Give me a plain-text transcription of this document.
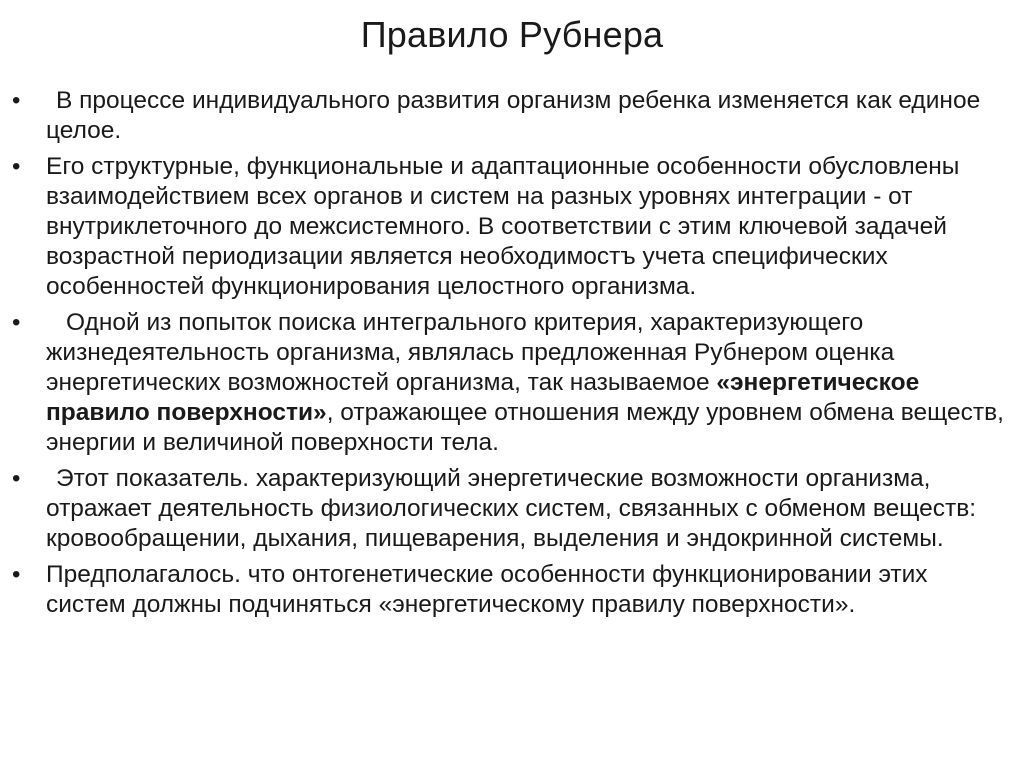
Правило Рубнера
•	В процессе индивидуального развития организм ребенка изменяется как единое целое.
• Его структурные, функциональные и адаптационные особенности обусловлены взаимодействием всех органов и систем на разных уровнях интеграции - от внутриклеточного до межсистемного. В соответствии с этим ключевой задачей возрастной периодизации является необходимостъ учета специфических особенностей функционирования целостного организма.
•	Одной из попыток поиска интегрального критерия, характеризующего жизнедеятельность организма, являлась предложенная Рубнером оценка энергетических возможностей организма, так называемое «энергетическое правило поверхности», отражающее отношения между уровнем обмена веществ, энергии и величиной поверхности тела.
•	Этот показатель. характеризующий энергетические возможности организма, отражает деятельность физиологических систем, связанных с обменом веществ: кровообращении, дыхания, пищеварения, выделения и эндокринной системы.
• Предполагалось. что онтогенетические особенности функционировании этих систем должны подчиняться «энергетическому правилу поверхности».
